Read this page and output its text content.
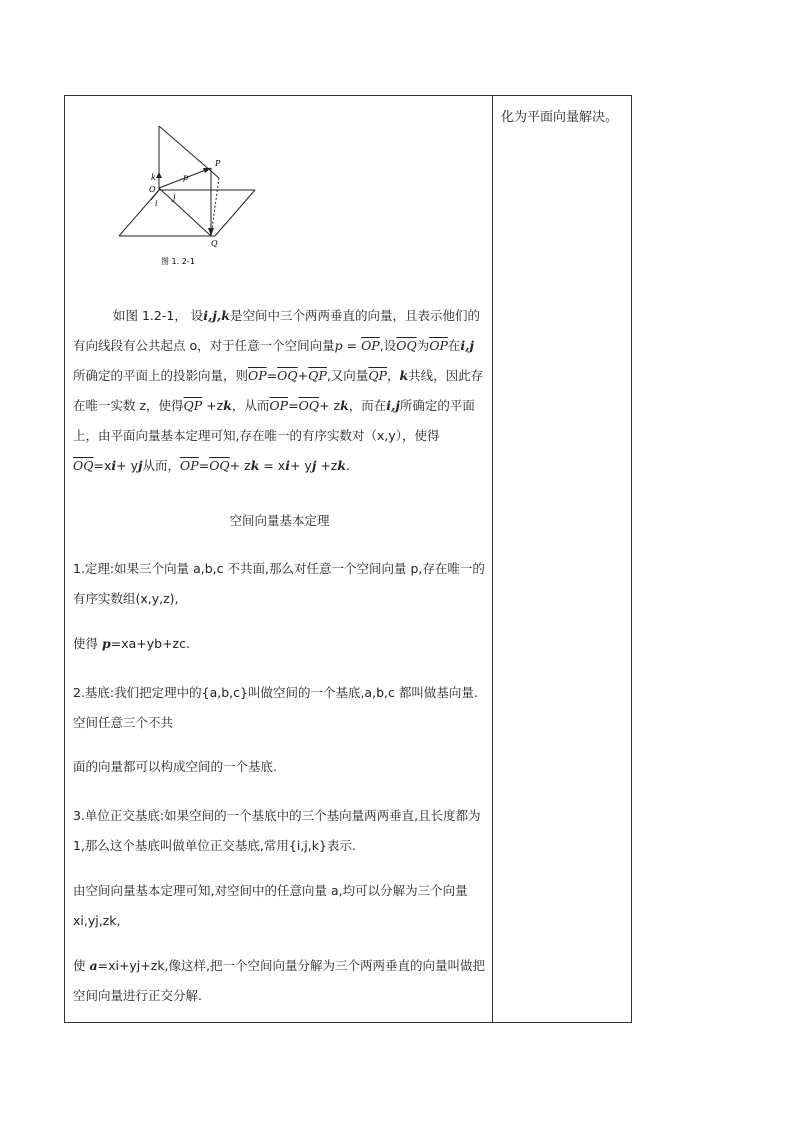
化为平面向量解决。
P
O
Q
k
i
j
p
图 1. 2-1
如图 1.2-1， 设i,j,k是空间中三个两两垂直的向量，且表示他们的有向线段有公共起点 o，对于任意一个空间向量$p = \overline{OP}$,设$\overline{OQ}$为$\overline{OP}$在i,j所确定的平面上的投影向量，则$\overline{OP}=\overline{OQ}+\overline{QP}$,又向量$\overline{QP}$，k共线，因此存在唯一实数 z，使得$\overline{QP} +zk$，从而$\overline{OP}=\overline{OQ}+$ zk，而在i,j所确定的平面上，由平面向量基本定理可知,存在唯一的有序实数对（x,y），使得$\overline{OQ}=xi+$ yj从而，$\overline{OP}=\overline{OQ}+$ zk = xi+ yj +zk.
空间向量基本定理
1.定理:如果三个向量 a,b,c 不共面,那么对任意一个空间向量 p,存在唯一的有序实数组(x,y,z),
使得 p=xa+yb+zc.
2.基底:我们把定理中的{a,b,c}叫做空间的一个基底,a,b,c 都叫做基向量.空间任意三个不共
面的向量都可以构成空间的一个基底.
3.单位正交基底:如果空间的一个基底中的三个基向量两两垂直,且长度都为 1,那么这个基底叫做单位正交基底,常用{i,j,k}表示.
由空间向量基本定理可知,对空间中的任意向量 a,均可以分解为三个向量 xi,yj,zk,
使 a=xi+yj+zk,像这样,把一个空间向量分解为三个两两垂直的向量叫做把空间向量进行正交分解.
